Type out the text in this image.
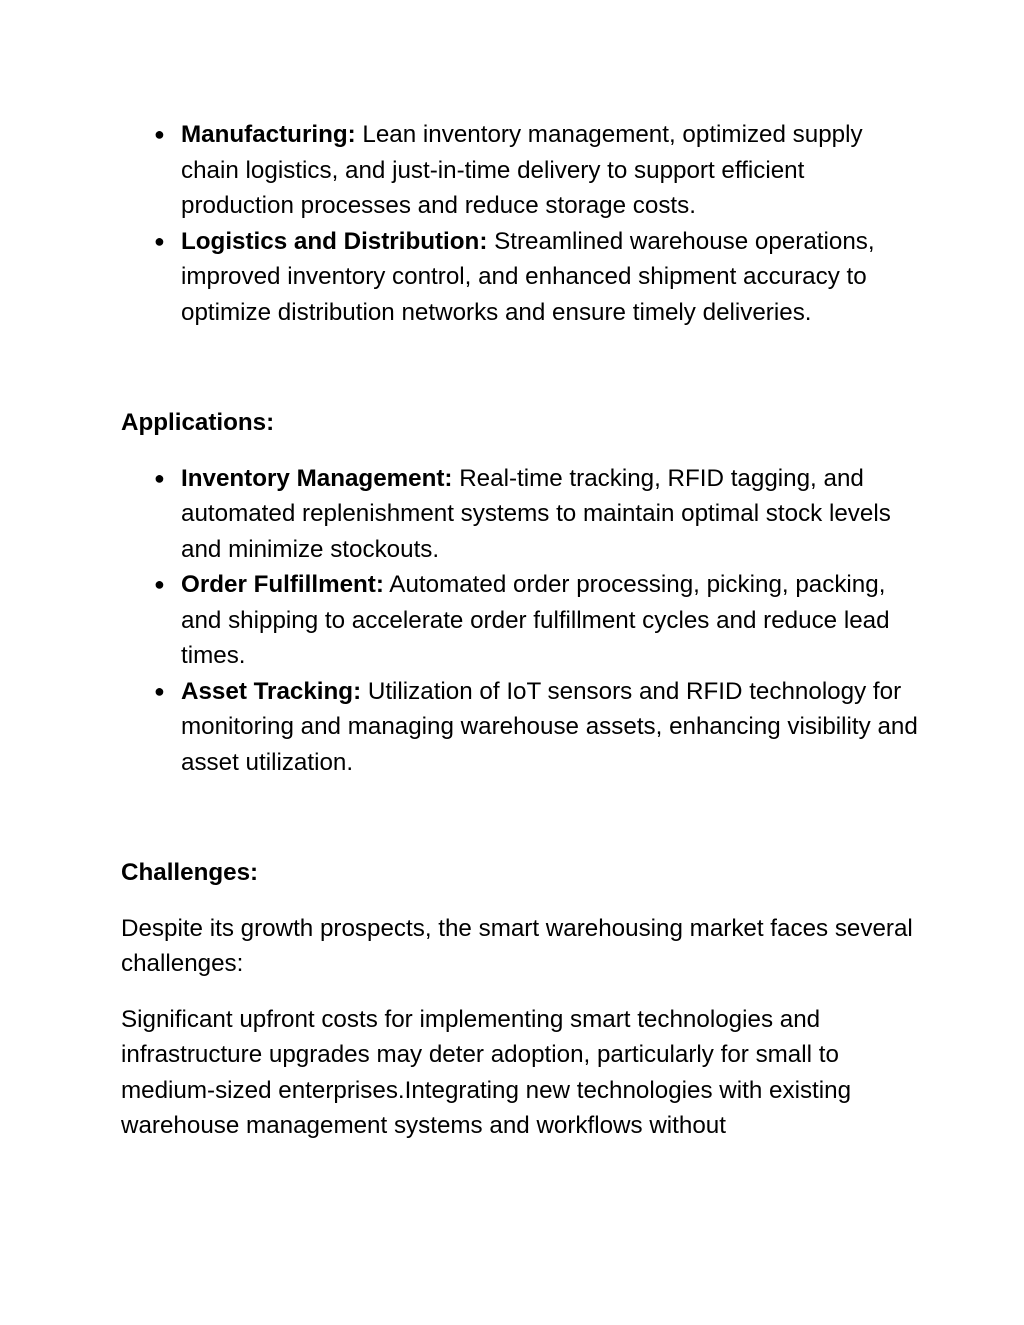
● Manufacturing: Lean inventory management, optimized supply chain logistics, and just-in-time delivery to support efficient production processes and reduce storage costs.
● Logistics and Distribution: Streamlined warehouse operations, improved inventory control, and enhanced shipment accuracy to optimize distribution networks and ensure timely deliveries.

Applications:

● Inventory Management: Real-time tracking, RFID tagging, and automated replenishment systems to maintain optimal stock levels and minimize stockouts.
● Order Fulfillment: Automated order processing, picking, packing, and shipping to accelerate order fulfillment cycles and reduce lead times.
● Asset Tracking: Utilization of IoT sensors and RFID technology for monitoring and managing warehouse assets, enhancing visibility and asset utilization.

Challenges:

Despite its growth prospects, the smart warehousing market faces several challenges:

Significant upfront costs for implementing smart technologies and infrastructure upgrades may deter adoption, particularly for small to medium-sized enterprises.Integrating new technologies with existing warehouse management systems and workflows without
